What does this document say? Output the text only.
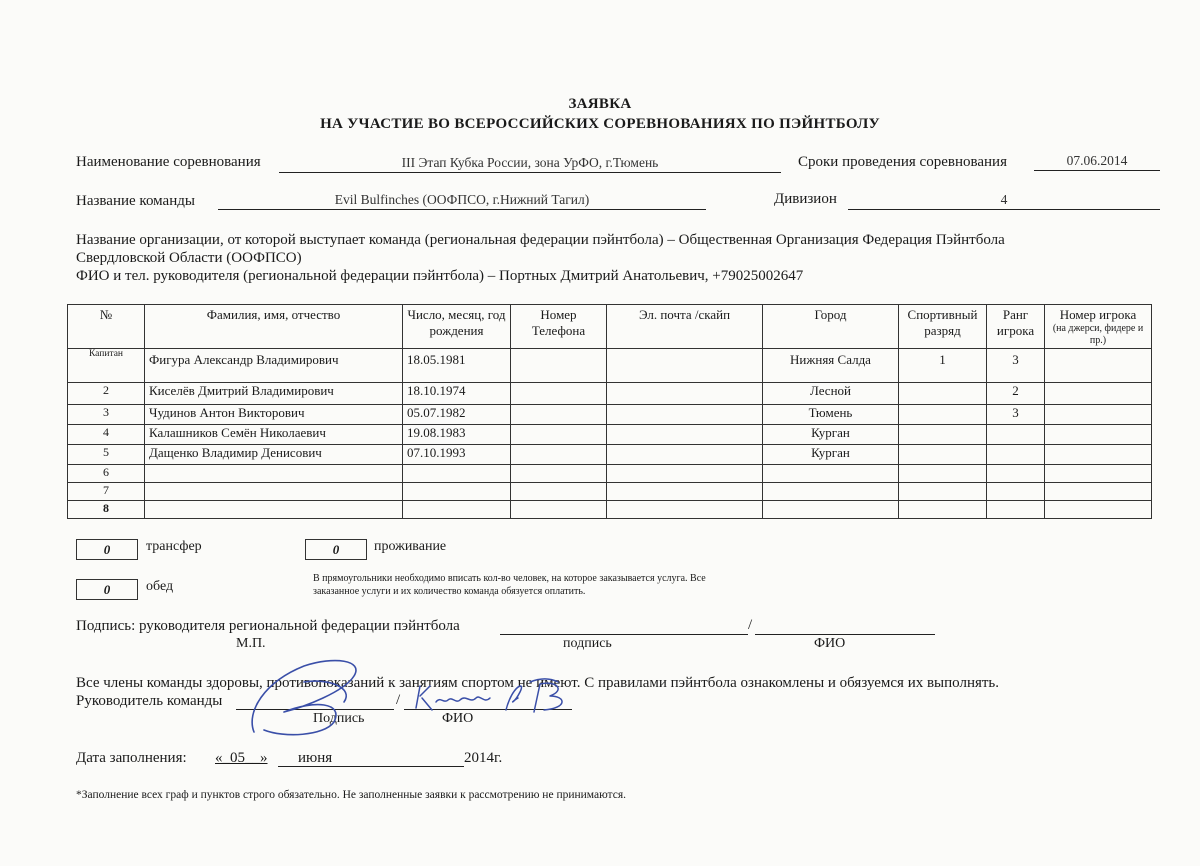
ЗАЯВКА
НА УЧАСТИЕ ВО ВСЕРОССИЙСКИХ СОРЕВНОВАНИЯХ ПО ПЭЙНТБОЛУ
Наименование соревнования	III Этап Кубка России, зона УрФО, г.Тюмень	Сроки проведения соревнования	07.06.2014
Название команды	Evil Bulfinches (ООФПСО, г.Нижний Тагил)	Дивизион	4
Название организации, от которой выступает команда (региональная федерации пэйнтбола) – Общественная Организация Федерация Пэйнтбола
Свердловской Области (ООФПСО)
ФИО и тел. руководителя (региональной федерации пэйнтбола) – Портных Дмитрий Анатольевич, +79025002647
№	Фамилия, имя, отчество	Число, месяц, год рождения	Номер Телефона	Эл. почта /скайп	Город	Спортивный разряд	Ранг игрока	Номер игрока
(на джерси, фидере и пр.)

Капитан	Фигура Александр Владимирович	18.05.1981			Нижняя Салда	1	3	
2	Киселёв Дмитрий Владимирович	18.10.1974			Лесной		2	
3	Чудинов Антон Викторович	05.07.1982			Тюмень		3	
4	Калашников Семён Николаевич	19.08.1983			Курган			
5	Дащенко Владимир Денисович	07.10.1993			Курган			
6								
7								
8								
0	трансфер	0	проживание
0	обед
В прямоугольники необходимо вписать кол-во человек, на которое заказывается услуга. Все
заказанное услуги и их количество команда обязуется оплатить.
Подпись: руководителя региональной федерации пэйнтбола	/
М.П.	подпись	ФИО
Все члены команды здоровы, противопоказаний к занятиям спортом не имеют. С правилами пэйнтбола ознакомлены и обязуемся их выполнять.
Руководитель команды	/
Подпись	ФИО
Киселёв Д.В.
Дата заполнения: «_05__» июня	2014г.
*Заполнение всех граф и пунктов строго обязательно. Не заполненные заявки к рассмотрению не принимаются.
